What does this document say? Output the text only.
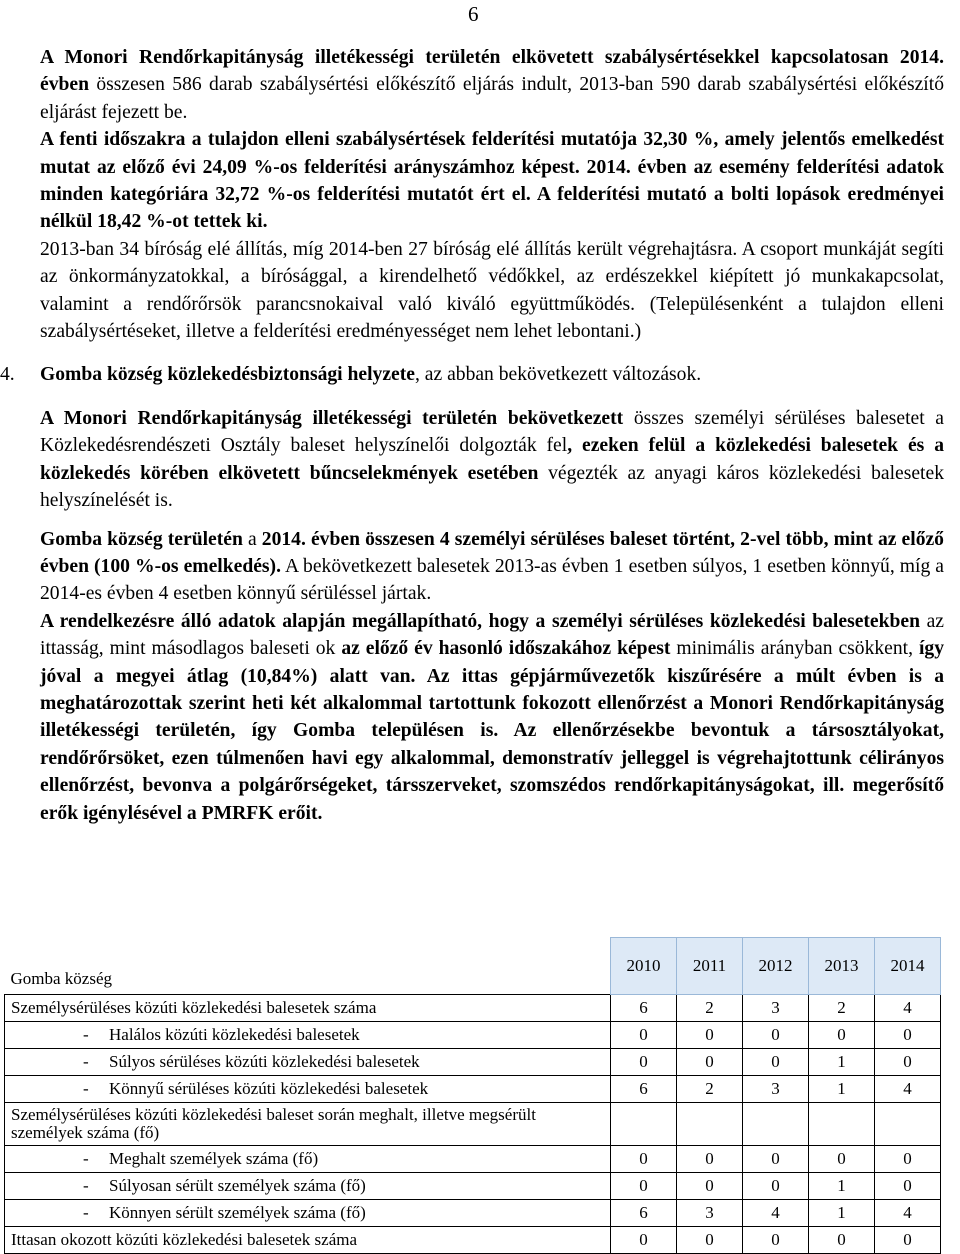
6

A Monori Rendőrkapitányság illetékességi területén elkövetett szabálysértésekkel kapcsolatosan 2014. évben összesen 586 darab szabálysértési előkészítő eljárás indult, 2013-ban 590 darab szabálysértési előkészítő eljárást fejezett be.
A fenti időszakra a tulajdon elleni szabálysértések felderítési mutatója 32,30 %, amely jelentős emelkedést mutat az előző évi 24,09 %-os felderítési arányszámhoz képest. 2014. évben az esemény felderítési adatok minden kategóriára 32,72 %-os felderítési mutatót ért el. A felderítési mutató a bolti lopások eredményei nélkül 18,42 %-ot tettek ki.
2013-ban 34 bíróság elé állítás, míg 2014-ben 27 bíróság elé állítás került végrehajtásra. A csoport munkáját segíti az önkormányzatokkal, a bírósággal, a kirendelhető védőkkel, az erdészekkel kiépített jó munkakapcsolat, valamint a rendőrőrsök parancsnokaival való kiváló együttműködés. (Településenként a tulajdon elleni szabálysértéseket, illetve a felderítési eredményességet nem lehet lebontani.)

4.	Gomba község közlekedésbiztonsági helyzete, az abban bekövetkezett változások.

A Monori Rendőrkapitányság illetékességi területén bekövetkezett összes személyi sérüléses balesetet a Közlekedésrendészeti Osztály baleset helyszínelői dolgozták fel, ezeken felül a közlekedési balesetek és a közlekedés körében elkövetett bűncselekmények esetében végezték az anyagi káros közlekedési balesetek helyszínelését is.

Gomba község területén a 2014. évben összesen 4 személyi sérüléses baleset történt, 2-vel több, mint az előző évben (100 %-os emelkedés). A bekövetkezett balesetek 2013-as évben 1 esetben súlyos, 1 esetben könnyű, míg a 2014-es évben 4 esetben könnyű sérüléssel jártak.

A rendelkezésre álló adatok alapján megállapítható, hogy a személyi sérüléses közlekedési balesetekben az ittasság, mint másodlagos baleseti ok az előző év hasonló időszakához képest minimális arányban csökkent, így jóval a megyei átlag (10,84%) alatt van. Az ittas gépjárművezetők kiszűrésére a múlt évben is a meghatározottak szerint heti két alkalommal tartottunk fokozott ellenőrzést a Monori Rendőrkapitányság illetékességi területén, így Gomba településen is. Az ellenőrzésekbe bevontuk a társosztályokat, rendőrőrsöket, ezen túlmenően havi egy alkalommal, demonstratív jelleggel is végrehajtottunk célirányos ellenőrzést, bevonva a polgárőrségeket, társszerveket, szomszédos rendőrkapitányságokat, ill. megerősítő erők igénylésével a PMRFK erőit.

Gomba község	2010	2011	2012	2013	2014
Személysérüléses közúti közlekedési balesetek száma	6	2	3	2	4
- Halálos közúti közlekedési balesetek	0	0	0	0	0
- Súlyos sérüléses közúti közlekedési balesetek	0	0	0	1	0
- Könnyű sérüléses közúti közlekedési balesetek	6	2	3	1	4
Személysérüléses közúti közlekedési baleset során meghalt, illetve megsérült személyek száma (fő)					
- Meghalt személyek száma (fő)	0	0	0	0	0
- Súlyosan sérült személyek száma (fő)	0	0	0	1	0
- Könnyen sérült személyek száma (fő)	6	3	4	1	4
Ittasan okozott közúti közlekedési balesetek száma	0	0	0	0	0
